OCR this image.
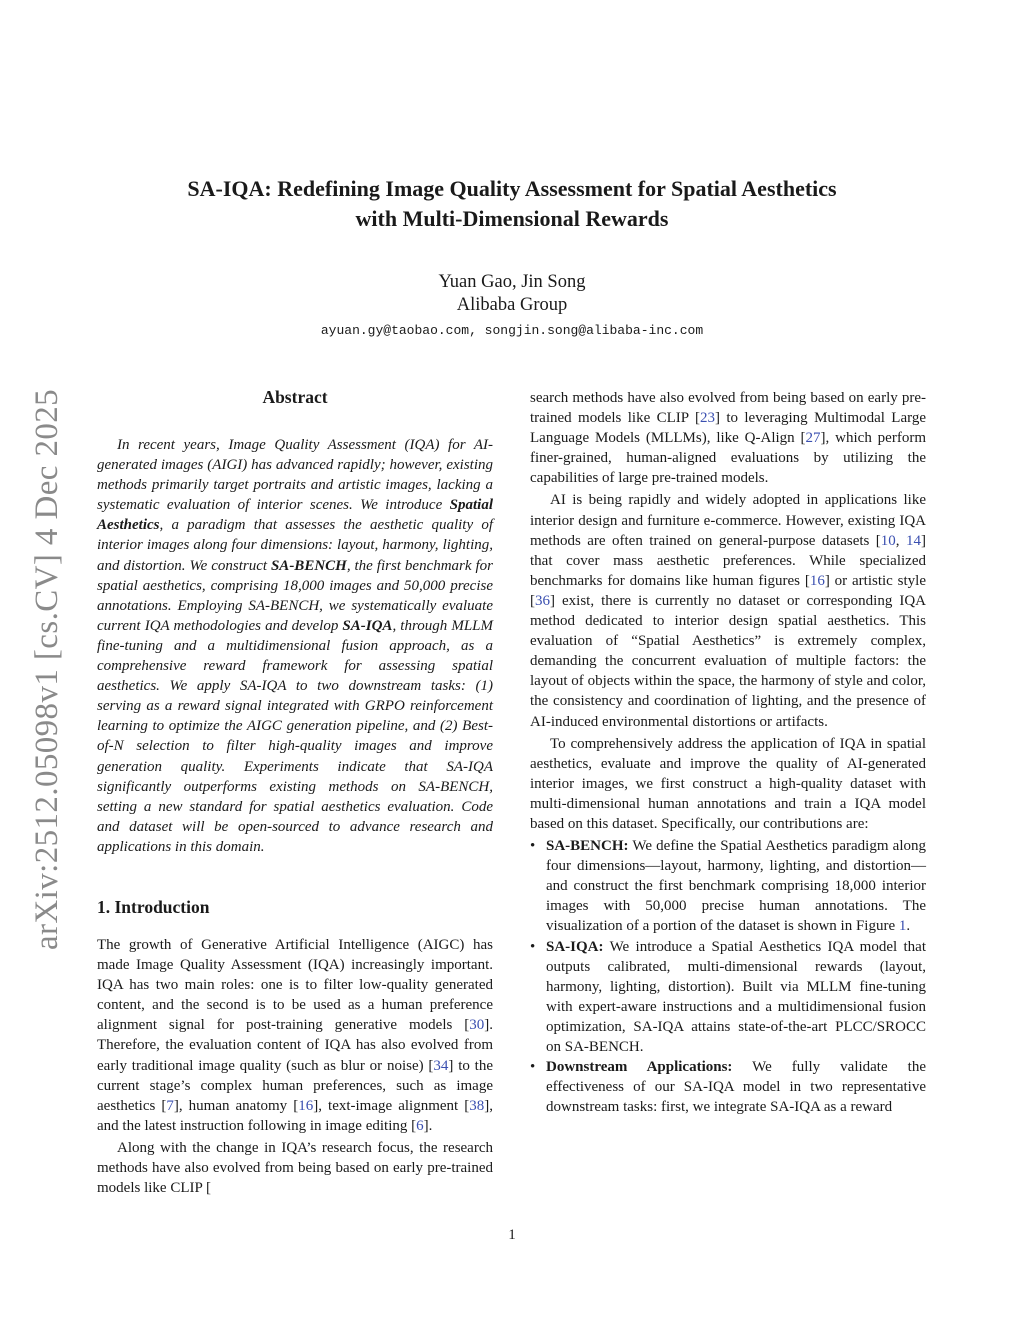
arXiv:2512.05098v1 [cs.CV] 4 Dec 2025
SA-IQA: Redefining Image Quality Assessment for Spatial Aesthetics
with Multi-Dimensional Rewards
Yuan Gao, Jin Song
Alibaba Group
ayuan.gy@taobao.com, songjin.song@alibaba-inc.com
Abstract

In recent years, Image Quality Assessment (IQA) for AI-generated images (AIGI) has advanced rapidly; however, existing methods primarily target portraits and artistic images, lacking a systematic evaluation of interior scenes. We introduce Spatial Aesthetics, a paradigm that assesses the aesthetic quality of interior images along four dimensions: layout, harmony, lighting, and distortion. We construct SA-BENCH, the first benchmark for spatial aesthetics, comprising 18,000 images and 50,000 precise annotations. Employing SA-BENCH, we systematically evaluate current IQA methodologies and develop SA-IQA, through MLLM fine-tuning and a multidimensional fusion approach, as a comprehensive reward framework for assessing spatial aesthetics. We apply SA-IQA to two downstream tasks: (1) serving as a reward signal integrated with GRPO reinforcement learning to optimize the AIGC generation pipeline, and (2) Best-of-N selection to filter high-quality images and improve generation quality. Experiments indicate that SA-IQA significantly outperforms existing methods on SA-BENCH, setting a new standard for spatial aesthetics evaluation. Code and dataset will be open-sourced to advance research and applications in this domain.

1. Introduction

The growth of Generative Artificial Intelligence (AIGC) has made Image Quality Assessment (IQA) increasingly important. IQA has two main roles: one is to filter low-quality generated content, and the second is to be used as a human preference alignment signal for post-training generative models [30]. Therefore, the evaluation content of IQA has also evolved from early traditional image quality (such as blur or noise) [34] to the current stage’s complex human preferences, such as image aesthetics [7], human anatomy [16], text-image alignment [38], and the latest instruction following in image editing [6].

Along with the change in IQA’s research focus, the research methods have also evolved from being based on early pre-trained models like CLIP [

search methods have also evolved from being based on early pre-trained models like CLIP [23] to leveraging Multimodal Large Language Models (MLLMs), like Q-Align [27], which perform finer-grained, human-aligned evaluations by utilizing the capabilities of large pre-trained models.

AI is being rapidly and widely adopted in applications like interior design and furniture e-commerce. However, existing IQA methods are often trained on general-purpose datasets [10, 14] that cover mass aesthetic preferences. While specialized benchmarks for domains like human figures [16] or artistic style [36] exist, there is currently no dataset or corresponding IQA method dedicated to interior design spatial aesthetics. This evaluation of “Spatial Aesthetics” is extremely complex, demanding the concurrent evaluation of multiple factors: the layout of objects within the space, the harmony of style and color, the consistency and coordination of lighting, and the presence of AI-induced environmental distortions or artifacts.

To comprehensively address the application of IQA in spatial aesthetics, evaluate and improve the quality of AI-generated interior images, we first construct a high-quality dataset with multi-dimensional human annotations and train a IQA model based on this dataset. Specifically, our contributions are:

• SA-BENCH: We define the Spatial Aesthetics paradigm along four dimensions—layout, harmony, lighting, and distortion—and construct the first benchmark comprising 18,000 interior images with 50,000 precise human annotations. The visualization of a portion of the dataset is shown in Figure 1.
• SA-IQA: We introduce a Spatial Aesthetics IQA model that outputs calibrated, multi-dimensional rewards (layout, harmony, lighting, distortion). Built via MLLM fine-tuning with expert-aware instructions and a multidimensional fusion optimization, SA-IQA attains state-of-the-art PLCC/SROCC on SA-BENCH.
• Downstream Applications: We fully validate the effectiveness of our SA-IQA model in two representative downstream tasks: first, we integrate SA-IQA as a reward
1
